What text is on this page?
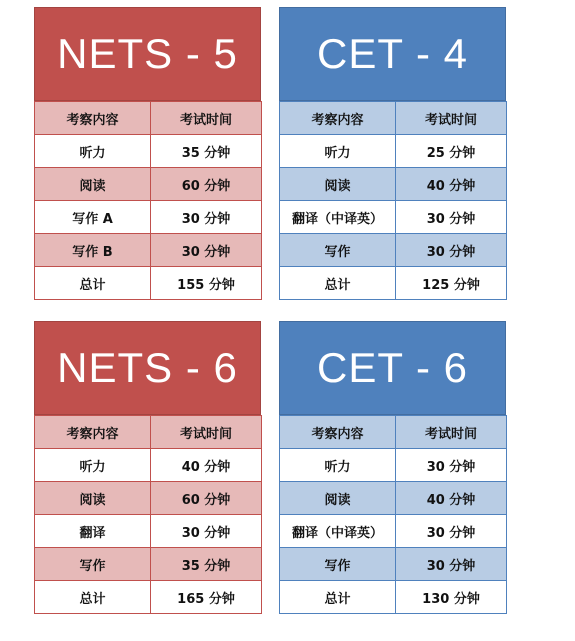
NETS - 5
考察内容	考试时间
听力	35 分钟
阅读	60 分钟
写作 A	30 分钟
写作 B	30 分钟
总计	155 分钟
CET - 4
考察内容	考试时间
听力	25 分钟
阅读	40 分钟
翻译（中译英）	30 分钟
写作	30 分钟
总计	125 分钟
NETS - 6
考察内容	考试时间
听力	40 分钟
阅读	60 分钟
翻译	30 分钟
写作	35 分钟
总计	165 分钟
CET - 6
考察内容	考试时间
听力	30 分钟
阅读	40 分钟
翻译（中译英）	30 分钟
写作	30 分钟
总计	130 分钟
